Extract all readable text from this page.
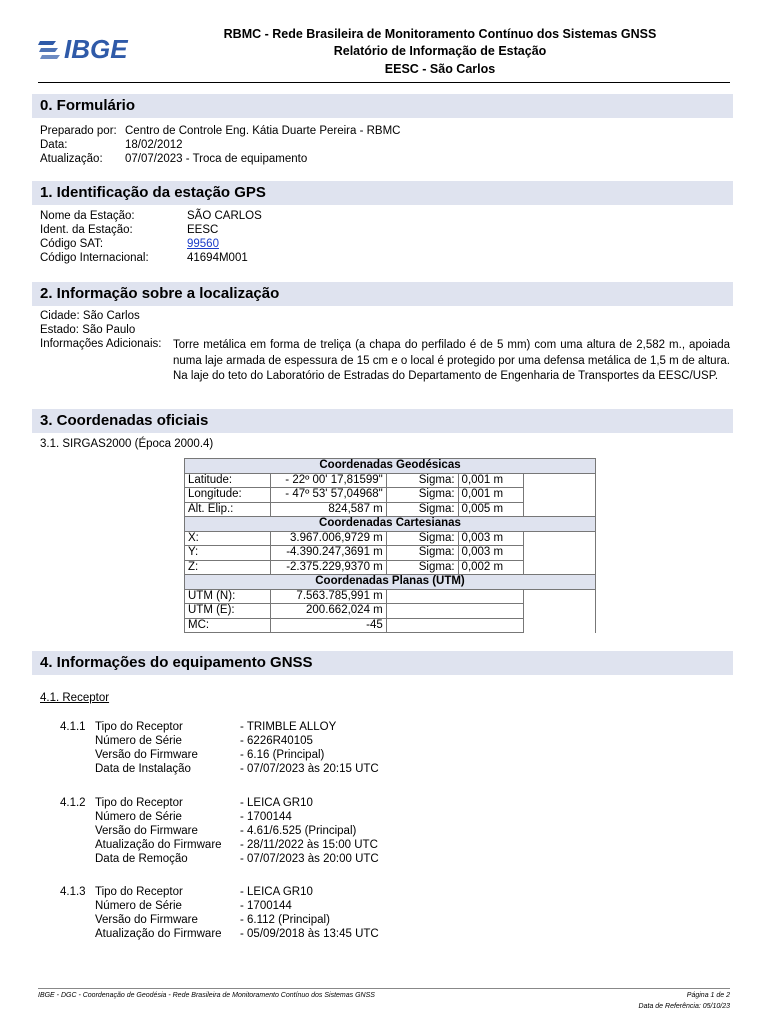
IBGE	RBMC - Rede Brasileira de Monitoramento Contínuo dos Sistemas GNSS
Relatório de Informação de Estação
EESC - São Carlos
0. Formulário
Preparado por: Centro de Controle Eng. Kátia Duarte Pereira - RBMC
Data:	18/02/2012
Atualização: 07/07/2023 - Troca de equipamento
1. Identificação da estação GPS
Nome da Estação:	SÃO CARLOS
Ident. da Estação:	EESC
Código SAT:	99560
Código Internacional:	41694M001
2. Informação sobre a localização
Cidade: São Carlos
Estado: São Paulo
Informações Adicionais: Torre metálica em forma de treliça (a chapa do perfilado é de 5 mm) com uma altura de 2,582 m., apoiada numa laje armada de espessura de 15 cm e o local é protegido por uma defensa metálica de 1,5 m de altura. Na laje do teto do Laboratório de Estradas do Departamento de Engenharia de Transportes da EESC/USP.
3. Coordenadas oficiais
3.1. SIRGAS2000 (Época 2000.4)
Coordenadas Geodésicas				
Latitude:	- 22º 00' 17,81599"	Sigma:	0,001 m	
Longitude:	- 47º 53' 57,04968"	Sigma:	0,001 m	
Alt. Elip.:	824,587 m	Sigma:	0,005 m	
Coordenadas Cartesianas				
X:	3.967.006,9729 m	Sigma:	0,003 m	
Y:	-4.390.247,3691 m	Sigma:	0,003 m	
Z:	-2.375.229,9370 m	Sigma:	0,002 m	
Coordenadas Planas (UTM)				
UTM (N):	7.563.785,991 m			
UTM (E):	200.662,024 m			
MC:	-45			
4. Informações do equipamento GNSS
4.1. Receptor
4.1.1 Tipo do Receptor	- TRIMBLE ALLOY
Número de Série	- 6226R40105
Versão do Firmware	- 6.16 (Principal)
Data de Instalação	- 07/07/2023 às 20:15 UTC
4.1.2 Tipo do Receptor	- LEICA GR10
Número de Série	- 1700144
Versão do Firmware	- 4.61/6.525 (Principal)
Atualização do Firmware - 28/11/2022 às 15:00 UTC
Data de Remoção	- 07/07/2023 às 20:00 UTC
4.1.3 Tipo do Receptor	- LEICA GR10
Número de Série	- 1700144
Versão do Firmware	- 6.112 (Principal)
Atualização do Firmware - 05/09/2018 às 13:45 UTC
IBGE - DGC - Coordenação de Geodésia - Rede Brasileira de Monitoramento Contínuo dos Sistemas GNSS	Página 1 de 2
Data de Referência: 05/10/23
